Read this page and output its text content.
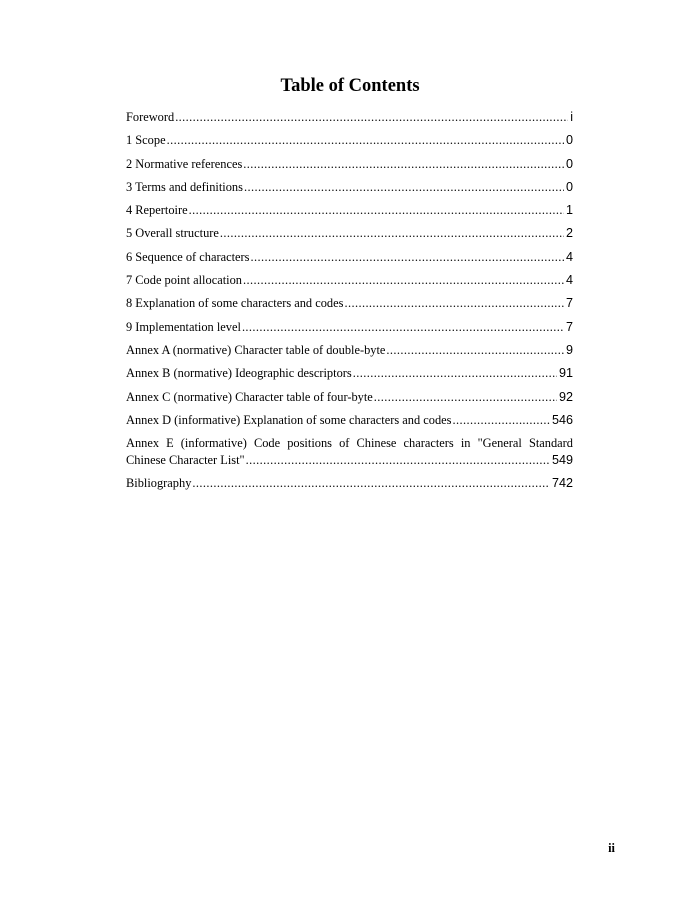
Table of Contents
Foreword .....	i
1 Scope .....	0
2 Normative references .....	0
3 Terms and definitions .....	0
4 Repertoire .....	1
5 Overall structure .....	2
6 Sequence of characters .....	4
7 Code point allocation .....	4
8 Explanation of some characters and codes .....	7
9 Implementation level .....	7
Annex A (normative) Character table of double-byte .....	9
Annex B (normative) Ideographic descriptors .....	91
Annex C (normative) Character table of four-byte .....	92
Annex D (informative) Explanation of some characters and codes .....	546
Annex E (informative) Code positions of Chinese characters in "General Standard
Chinese Character List" .....	549
Bibliography .....	742

ii
